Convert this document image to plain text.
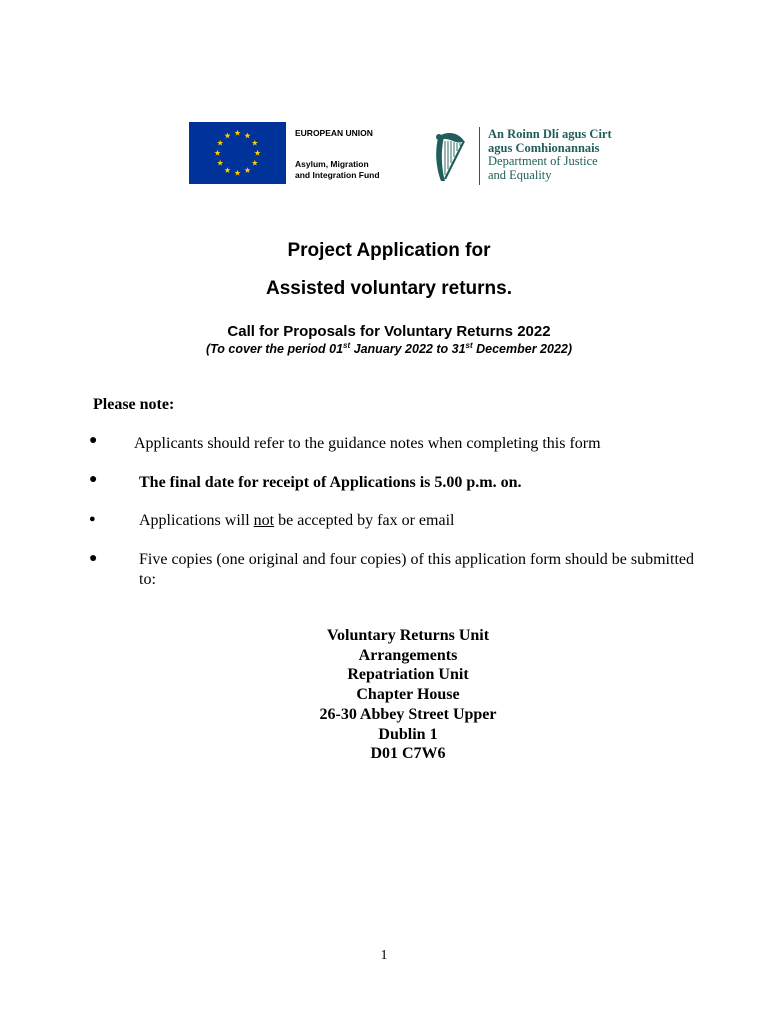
EUROPEAN UNION
Asylum, Migration
and Integration Fund
An Roinn Dlí agus Cirt
agus Comhionannais
Department of Justice
and Equality
Project Application for
Assisted voluntary returns.
Call for Proposals for Voluntary Returns 2022
(To cover the period 01st January 2022 to 31st December 2022)
Please note:
● Applicants should refer to the guidance notes when completing this form
●	The final date for receipt of Applications is 5.00 p.m. on.
●	Applications will not be accepted by fax or email
●	Five copies (one original and four copies) of this application form should be submitted to:
Voluntary Returns Unit
Arrangements
Repatriation Unit
Chapter House
26-30 Abbey Street Upper
Dublin 1
D01 C7W6
1
